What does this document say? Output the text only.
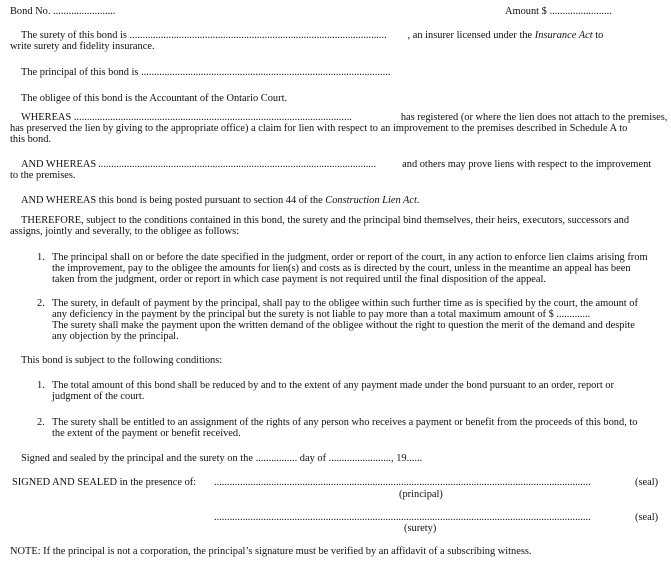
Bond No. ........................	Amount $ ........................
The surety of this bond is ................................................................................................... , an insurer licensed under the Insurance Act to
write surety and fidelity insurance.
The principal of this bond is ................................................................................................
The obligee of this bond is the Accountant of the Ontario Court.
WHEREAS ...........................................................................................................	has registered (or where the lien does not attach to the premises,
has preserved the lien by giving to the appropriate office) a claim for lien with respect to an improvement to the premises described in Schedule A to
this bond.
AND WHEREAS ...........................................................................................................	and others may prove liens with respect to the improvement
to the premises.
AND WHEREAS this bond is being posted pursuant to section 44 of the Construction Lien Act.
THEREFORE, subject to the conditions contained in this bond, the surety and the principal bind themselves, their heirs, executors, successors and
assigns, jointly and severally, to the obligee as follows:
1. The principal shall on or before the date specified in the judgment, order or report of the court, in any action to enforce lien claims arising from
the improvement, pay to the obligee the amounts for lien(s) and costs as is directed by the court, unless in the meantime an appeal has been
taken from the judgment, order or report in which case payment is not required until the final disposition of the appeal.
2. The surety, in default of payment by the principal, shall pay to the obligee within such further time as is specified by the court, the amount of
any deficiency in the payment by the principal but the surety is not liable to pay more than a total maximum amount of $ .............
The surety shall make the payment upon the written demand of the obligee without the right to question the merit of the demand and despite
any objection by the principal.
This bond is subject to the following conditions:
1. The total amount of this bond shall be reduced by and to the extent of any payment made under the bond pursuant to an order, report or
judgment of the court.
2. The surety shall be entitled to an assignment of the rights of any person who receives a payment or benefit from the proceeds of this bond, to
the extent of the payment or benefit received.
Signed and sealed by the principal and the surety on the ................ day of ........................, 19......
SIGNED AND SEALED in the presence of: .................................................................................................................................................	(seal)
(principal)
.................................................................................................................................................	(seal)
(surety)
NOTE: If the principal is not a corporation, the principal’s signature must be verified by an affidavit of a subscribing witness.
